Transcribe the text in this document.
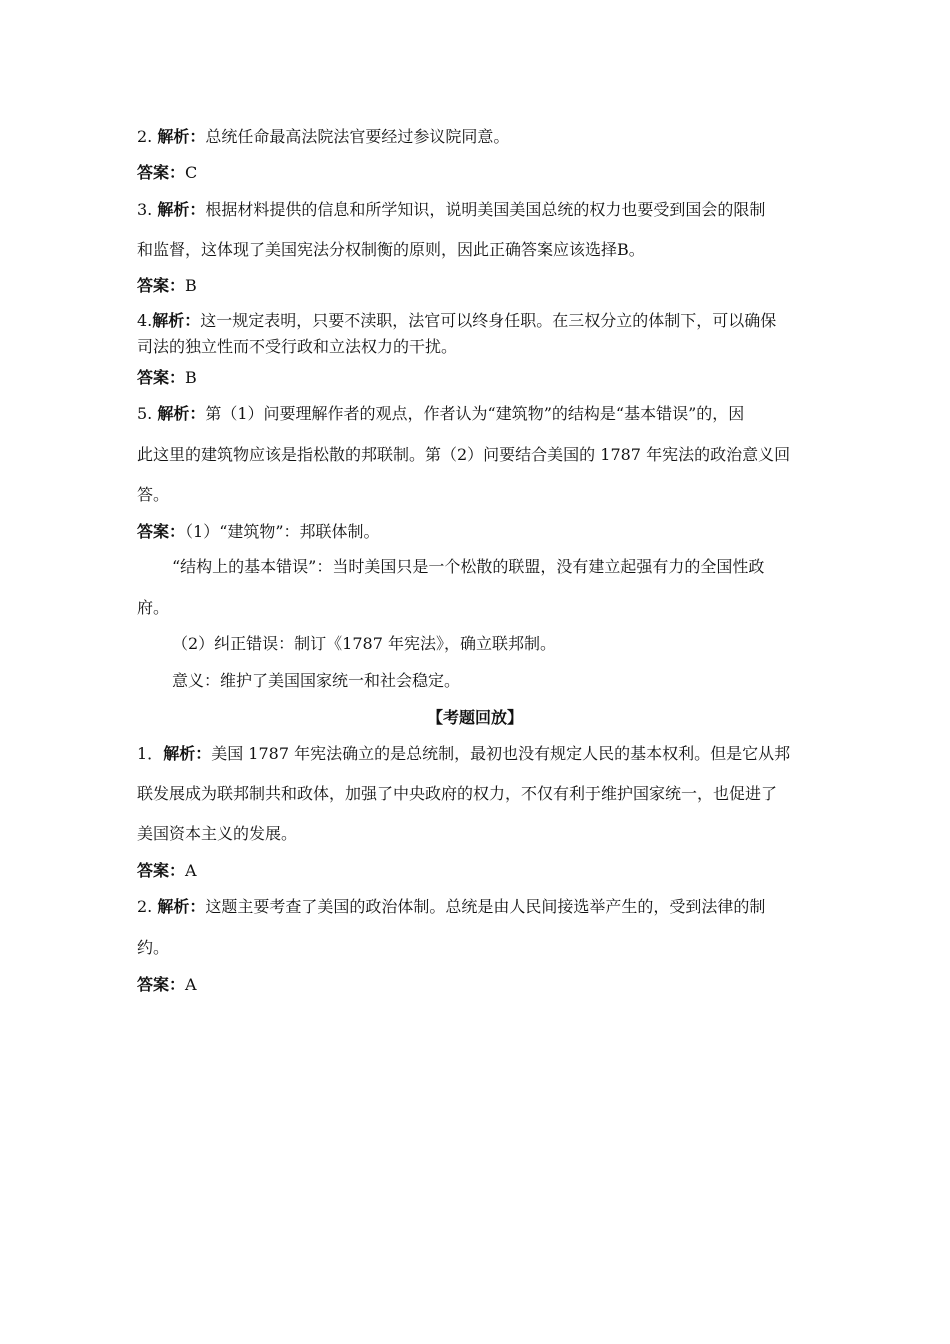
2. 解析：总统任命最高法院法官要经过参议院同意。
答案：C
3. 解析：根据材料提供的信息和所学知识，说明美国美国总统的权力也要受到国会的限制
和监督，这体现了美国宪法分权制衡的原则，因此正确答案应该选择B。
答案：B
4.解析：这一规定表明，只要不渎职，法官可以终身任职。在三权分立的体制下，可以确保
司法的独立性而不受行政和立法权力的干扰。
答案：B
5. 解析：第（1）问要理解作者的观点，作者认为“建筑物”的结构是“基本错误”的，因
此这里的建筑物应该是指松散的邦联制。第（2）问要结合美国的 1787 年宪法的政治意义回
答。
答案：（1）“建筑物”：邦联体制。
“结构上的基本错误”：当时美国只是一个松散的联盟，没有建立起强有力的全国性政
府。
（2）纠正错误：制订《1787 年宪法》，确立联邦制。
意义：维护了美国国家统一和社会稳定。
【考题回放】
1．解析：美国 1787 年宪法确立的是总统制，最初也没有规定人民的基本权利。但是它从邦
联发展成为联邦制共和政体，加强了中央政府的权力，不仅有利于维护国家统一，也促进了
美国资本主义的发展。
答案：A
2. 解析：这题主要考查了美国的政治体制。总统是由人民间接选举产生的，受到法律的制
约。
答案：A
